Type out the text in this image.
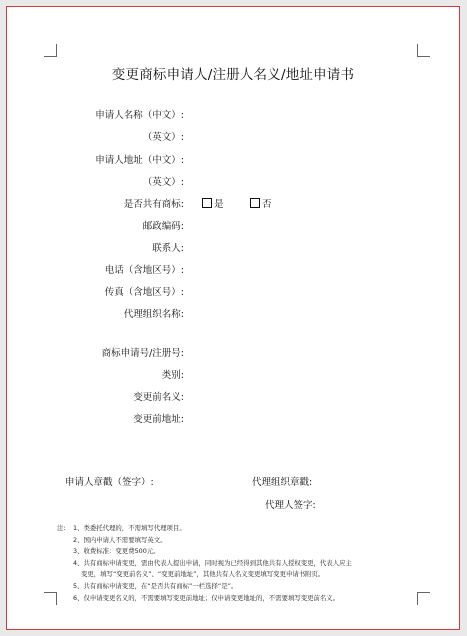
变更商标申请人/注册人名义/地址申请书
申请人名称（中文）:
（英文）:
申请人地址（中文）:
（英文）:
是否共有商标:	是	否
邮政编码:
联系人:
电话（含地区号）:
传真（含地区号）:
代理组织名称:
商标申请号/注册号:
类别:
变更前名义:
变更前地址:
申请人章戳（签字）:	代理组织章戳:
代理人签字:
注: 1、类委托代理的，不需填写代理项目。
2、国内申请人不需要填写英文。
3、收费标准：变更费500元。
4、共有商标申请变更，需由代表人提出申请，同时视为已经得到其他共有人授权变更，代表人应主
变更，填写“变更前名义”、“变更前地址”，其他共有人名义变更填写变更申请书附页。
5、共有商标申请变更，在“是否共有商标”一栏选择“是”。
6、仅申请变更名义的，不需要填写变更前地址；仅申请变更地址的，不需要填写变更前名义。
